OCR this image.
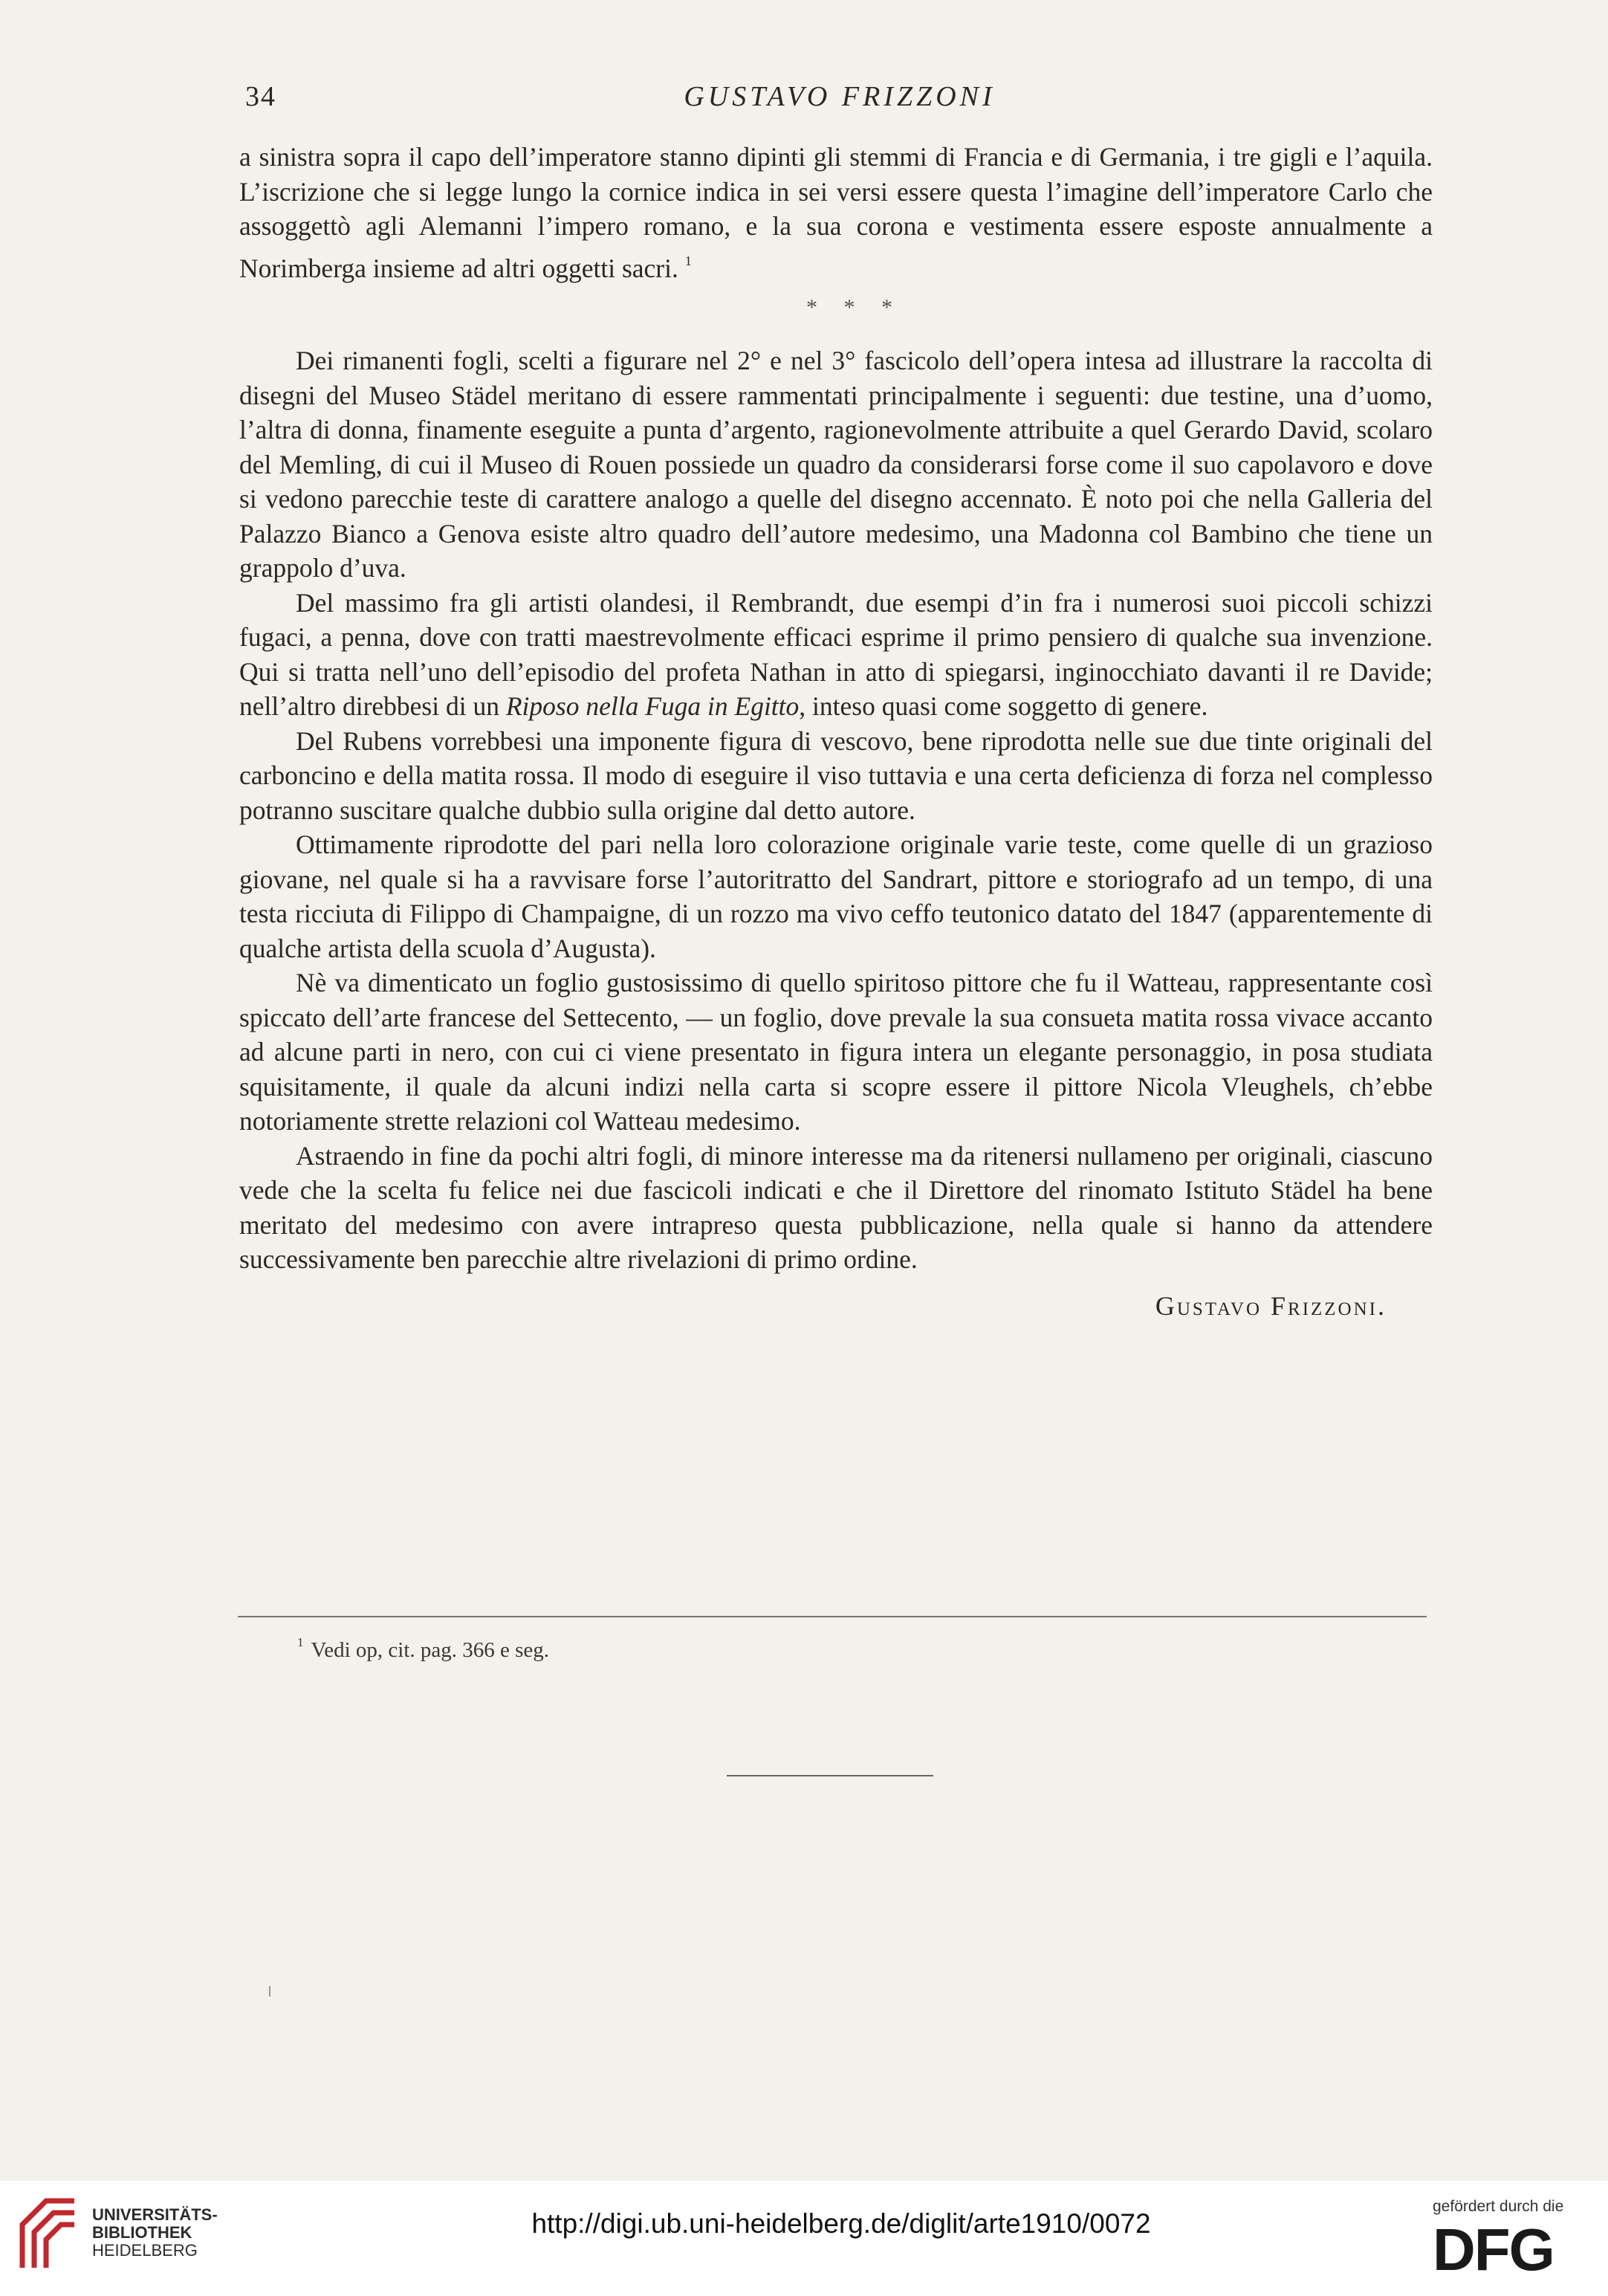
34	GUSTAVO FRIZZONI

a sinistra sopra il capo dell’imperatore stanno dipinti gli stemmi di Francia e di Germania, i tre gigli e l’aquila. L’iscrizione che si legge lungo la cornice indica in sei versi essere questa l’imagine dell’imperatore Carlo che assoggettò agli Alemanni l’impero romano, e la sua corona e vestimenta essere esposte annualmente a Norimberga insieme ad altri oggetti sacri. $^1$

* * *

Dei rimanenti fogli, scelti a figurare nel 2° e nel 3° fascicolo dell’opera intesa ad illustrare la raccolta di disegni del Museo Städel meritano di essere rammentati principalmente i seguenti: due testine, una d’uomo, l’altra di donna, finamente eseguite a punta d’argento, ragionevolmente attribuite a quel Gerardo David, scolaro del Memling, di cui il Museo di Rouen possiede un quadro da considerarsi forse come il suo capolavoro e dove si vedono parecchie teste di carattere analogo a quelle del disegno accennato. È noto poi che nella Galleria del Palazzo Bianco a Genova esiste altro quadro dell’autore medesimo, una Madonna col Bambino che tiene un grappolo d’uva.

Del massimo fra gli artisti olandesi, il Rembrandt, due esempi d’in fra i numerosi suoi piccoli schizzi fugaci, a penna, dove con tratti maestrevolmente efficaci esprime il primo pensiero di qualche sua invenzione. Qui si tratta nell’uno dell’episodio del profeta Nathan in atto di spiegarsi, inginocchiato davanti il re Davide; nell’altro direbbesi di un Riposo nella Fuga in Egitto, inteso quasi come soggetto di genere.

Del Rubens vorrebbesi una imponente figura di vescovo, bene riprodotta nelle sue due tinte originali del carboncino e della matita rossa. Il modo di eseguire il viso tuttavia e una certa deficienza di forza nel complesso potranno suscitare qualche dubbio sulla origine dal detto autore.

Ottimamente riprodotte del pari nella loro colorazione originale varie teste, come quelle di un grazioso giovane, nel quale si ha a ravvisare forse l’autoritratto del Sandrart, pittore e storiografo ad un tempo, di una testa ricciuta di Filippo di Champaigne, di un rozzo ma vivo ceffo teutonico datato del 1847 (apparentemente di qualche artista della scuola d’Augusta).

Nè va dimenticato un foglio gustosissimo di quello spiritoso pittore che fu il Watteau, rappresentante così spiccato dell’arte francese del Settecento, — un foglio, dove prevale la sua consueta matita rossa vivace accanto ad alcune parti in nero, con cui ci viene presentato in figura intera un elegante personaggio, in posa studiata squisitamente, il quale da alcuni indizi nella carta si scopre essere il pittore Nicola Vleughels, ch’ebbe notoriamente strette relazioni col Watteau medesimo.

Astraendo in fine da pochi altri fogli, di minore interesse ma da ritenersi nullameno per originali, ciascuno vede che la scelta fu felice nei due fascicoli indicati e che il Direttore del rinomato Istituto Städel ha bene meritato del medesimo con avere intrapreso questa pubblicazione, nella quale si hanno da attendere successivamente ben parecchie altre rivelazioni di primo ordine.

Gustavo Frizzoni.
$^1$ Vedi op, cit. pag. 366 e seg.
UNIVERSITÄTS-
BIBLIOTHEK
HEIDELBERG
http://digi.ub.uni-heidelberg.de/diglit/arte1910/0072
gefördert durch die
DFG
